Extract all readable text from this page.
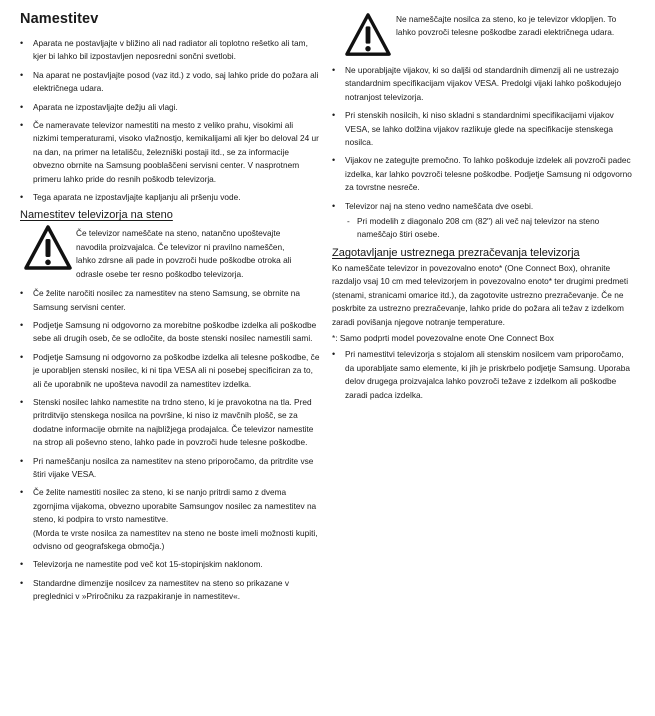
Namestitev
• Aparata ne postavljajte v bližino ali nad radiator ali toplotno rešetko ali tam, kjer bi lahko bil izpostavljen neposredni sončni svetlobi.
• Na aparat ne postavljajte posod (vaz itd.) z vodo, saj lahko pride do požara ali električnega udara.
• Aparata ne izpostavljajte dežju ali vlagi.
• Če nameravate televizor namestiti na mesto z veliko prahu, visokimi ali nizkimi temperaturami, visoko vlažnostjo, kemikalijami ali kjer bo deloval 24 ur na dan, na primer na letališču, železniški postaji itd., se za informacije obvezno obrnite na Samsung pooblaščeni servisni center. V nasprotnem primeru lahko pride do resnih poškodb televizorja.
• Tega aparata ne izpostavljajte kapljanju ali pršenju vode.
Namestitev televizorja na steno
Če televizor nameščate na steno, natančno upoštevajte navodila proizvajalca. Če televizor ni pravilno nameščen, lahko zdrsne ali pade in povzroči hude poškodbe otroka ali odrasle osebe ter resno poškodbo televizorja.
• Če želite naročiti nosilec za namestitev na steno Samsung, se obrnite na Samsung servisni center.
• Podjetje Samsung ni odgovorno za morebitne poškodbe izdelka ali poškodbe sebe ali drugih oseb, če se odločite, da boste stenski nosilec namestili sami.
• Podjetje Samsung ni odgovorno za poškodbe izdelka ali telesne poškodbe, če je uporabljen stenski nosilec, ki ni tipa VESA ali ni posebej specificiran za to, ali če uporabnik ne upošteva navodil za namestitev izdelka.
• Stenski nosilec lahko namestite na trdno steno, ki je pravokotna na tla. Pred pritrditvijo stenskega nosilca na površine, ki niso iz mavčnih plošč, se za dodatne informacije obrnite na najbližjega prodajalca. Če televizor namestite na strop ali poševno steno, lahko pade in povzroči hude telesne poškodbe.
• Pri nameščanju nosilca za namestitev na steno priporočamo, da pritrdite vse štiri vijake VESA.
• Če želite namestiti nosilec za steno, ki se nanjo pritrdi samo z dvema zgornjima vijakoma, obvezno uporabite Samsungov nosilec za namestitev na steno, ki podpira to vrsto namestitve.
(Morda te vrste nosilca za namestitev na steno ne boste imeli možnosti kupiti, odvisno od geografskega območja.)
• Televizorja ne namestite pod več kot 15-stopinjskim naklonom.
• Standardne dimenzije nosilcev za namestitev na steno so prikazane v preglednici v »Priročniku za razpakiranje in namestitev«.
Ne nameščajte nosilca za steno, ko je televizor vklopljen. To lahko povzroči telesne poškodbe zaradi električnega udara.
• Ne uporabljajte vijakov, ki so daljši od standardnih dimenzij ali ne ustrezajo standardnim specifikacijam vijakov VESA. Predolgi vijaki lahko poškodujejo notranjost televizorja.
• Pri stenskih nosilcih, ki niso skladni s standardnimi specifikacijami vijakov VESA, se lahko dolžina vijakov razlikuje glede na specifikacije stenskega nosilca.
• Vijakov ne zategujte premočno. To lahko poškoduje izdelek ali povzroči padec izdelka, kar lahko povzroči telesne poškodbe. Podjetje Samsung ni odgovorno za tovrstne nesreče.
• Televizor naj na steno vedno nameščata dve osebi.
- Pri modelih z diagonalo 208 cm (82") ali več naj televizor na steno nameščajo štiri osebe.
Zagotavljanje ustreznega prezračevanja televizorja

Ko nameščate televizor in povezovalno enoto* (One Connect Box), ohranite razdaljo vsaj 10 cm med televizorjem in povezovalno enoto* ter drugimi predmeti (stenami, stranicami omarice itd.), da zagotovite ustrezno prezračevanje. Če ne poskrbite za ustrezno prezračevanje, lahko pride do požara ali težav z izdelkom zaradi povišanja njegove notranje temperature.

*: Samo podprti model povezovalne enote One Connect Box

• Pri namestitvi televizorja s stojalom ali stenskim nosilcem vam priporočamo, da uporabljate samo elemente, ki jih je priskrbelo podjetje Samsung. Uporaba delov drugega proizvajalca lahko povzroči težave z izdelkom ali poškodbe zaradi padca izdelka.
